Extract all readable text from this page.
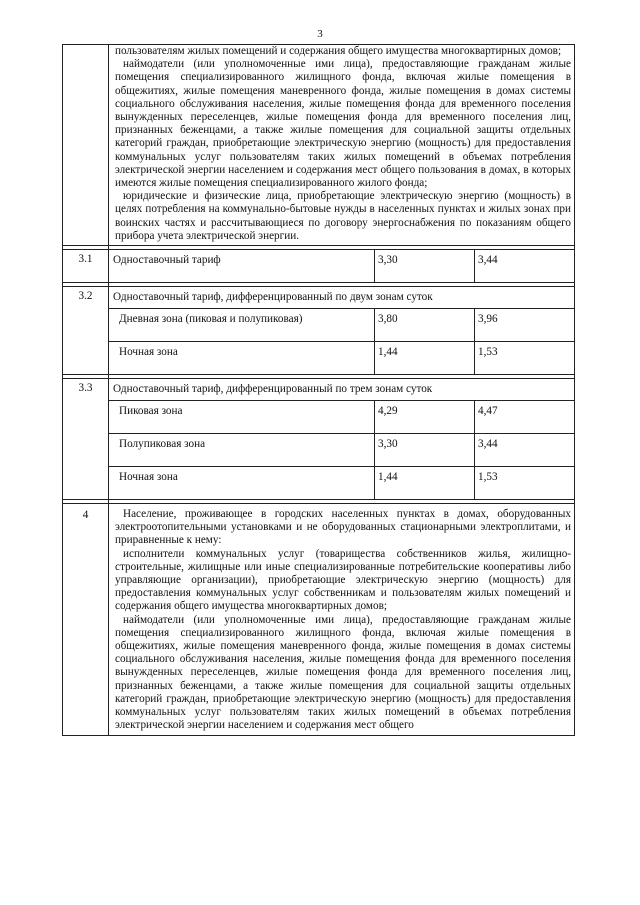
3

	пользователям жилых помещений и содержания общего имущества многоквартирных домов;

наймодатели (или уполномоченные ими лица), предоставляющие гражданам жилые помещения специализированного жилищного фонда, включая жилые помещения в общежитиях, жилые помещения маневренного фонда, жилые помещения в домах системы социального обслуживания населения, жилые помещения фонда для временного поселения вынужденных переселенцев, жилые помещения фонда для временного поселения лиц, признанных беженцами, а также жилые помещения для социальной защиты отдельных категорий граждан, приобретающие электрическую энергию (мощность) для предоставления коммунальных услуг пользователям таких жилых помещений в объемах потребления электрической энергии населением и содержания мест общего пользования в домах, в которых имеются жилые помещения специализированного жилого фонда;

юридические и физические лица, приобретающие электрическую энергию (мощность) в целях потребления на коммунально-бытовые нужды в населенных пунктах и жилых зонах при воинских частях и рассчитывающиеся по договору энергоснабжения по показаниям общего прибора учета электрической энергии.		

3.1	Одноставочный тариф	3,30	3,44

3.2	Одноставочный тариф, дифференцированный по двум зонам суток		
	Дневная зона (пиковая и полупиковая)	3,80	3,96
	Ночная зона	1,44	1,53

3.3	Одноставочный тариф, дифференцированный по трем зонам суток		
	Пиковая зона	4,29	4,47
	Полупиковая зона	3,30	3,44
	Ночная зона	1,44	1,53

4	Население, проживающее в городских населенных пунктах в домах, оборудованных электроотопительными установками и не оборудованных стационарными электроплитами, и приравненные к нему:

исполнители коммунальных услуг (товарищества собственников жилья, жилищно-строительные, жилищные или иные специализированные потребительские кооперативы либо управляющие организации), приобретающие электрическую энергию (мощность) для предоставления коммунальных услуг собственникам и пользователям жилых помещений и содержания общего имущества многоквартирных домов;

наймодатели (или уполномоченные ими лица), предоставляющие гражданам жилые помещения специализированного жилищного фонда, включая жилые помещения в общежитиях, жилые помещения маневренного фонда, жилые помещения в домах системы социального обслуживания населения, жилые помещения фонда для временного поселения вынужденных переселенцев, жилые помещения фонда для временного поселения лиц, признанных беженцами, а также жилые помещения для социальной защиты отдельных категорий граждан, приобретающие электрическую энергию (мощность) для предоставления коммунальных услуг пользователям таких жилых помещений в объемах потребления электрической энергии населением и содержания мест общего		
